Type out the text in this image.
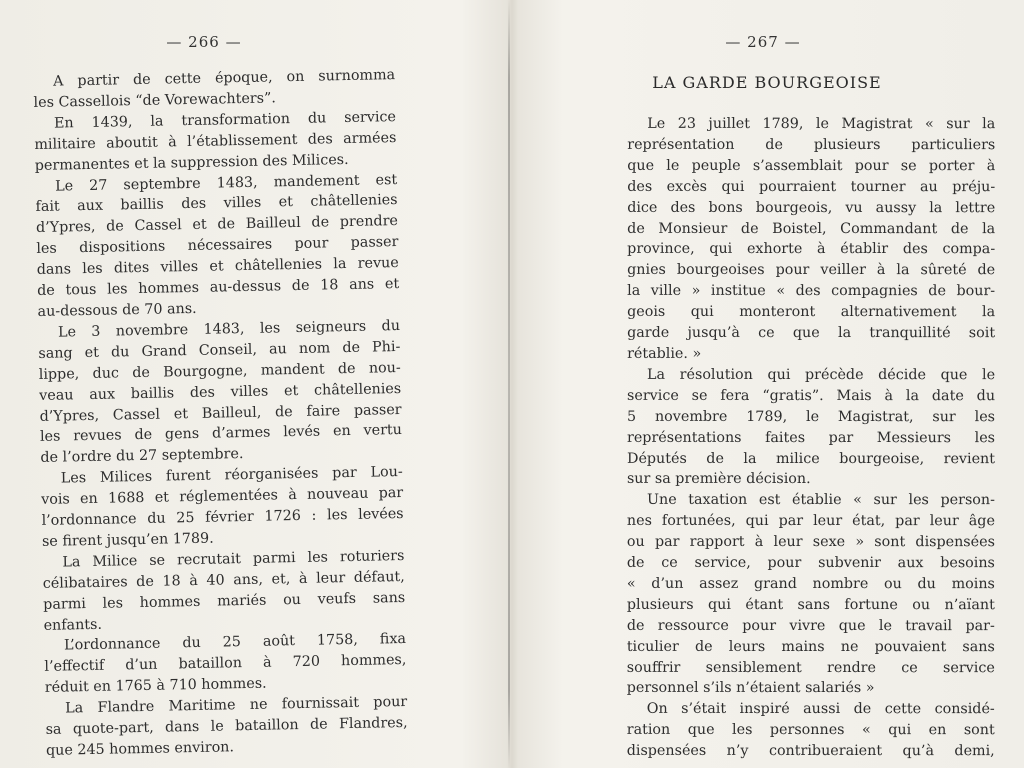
— 266 —
A partir de cette époque, on surnomma
les Cassellois “de Vorewachters”.
En 1439, la transformation du service
militaire aboutit à l’établissement des armées
permanentes et la suppression des Milices.
Le 27 septembre 1483, mandement est
fait aux baillis des villes et châtellenies
d’Ypres, de Cassel et de Bailleul de prendre
les dispositions nécessaires pour passer
dans les dites villes et châtellenies la revue
de tous les hommes au-dessus de 18 ans et
au-dessous de 70 ans.
Le 3 novembre 1483, les seigneurs du
sang et du Grand Conseil, au nom de Phi-
lippe, duc de Bourgogne, mandent de nou-
veau aux baillis des villes et châtellenies
d’Ypres, Cassel et Bailleul, de faire passer
les revues de gens d’armes levés en vertu
de l’ordre du 27 septembre.
Les Milices furent réorganisées par Lou-
vois en 1688 et réglementées à nouveau par
l’ordonnance du 25 février 1726 : les levées
se firent jusqu’en 1789.
La Milice se recrutait parmi les roturiers
célibataires de 18 à 40 ans, et, à leur défaut,
parmi les hommes mariés ou veufs sans
enfants.
L’ordonnance du 25 août 1758, fixa
l’effectif d’un bataillon à 720 hommes,
réduit en 1765 à 710 hommes.
La Flandre Maritime ne fournissait pour
sa quote-part, dans le bataillon de Flandres,
que 245 hommes environ.
— 267 —
LA GARDE BOURGEOISE
Le 23 juillet 1789, le Magistrat « sur la
représentation de plusieurs particuliers
que le peuple s’assemblait pour se porter à
des excès qui pourraient tourner au préju-
dice des bons bourgeois, vu aussy la lettre
de Monsieur de Boistel, Commandant de la
province, qui exhorte à établir des compa-
gnies bourgeoises pour veiller à la sûreté de
la ville » institue « des compagnies de bour-
geois qui monteront alternativement la
garde jusqu’à ce que la tranquillité soit
rétablie. »
La résolution qui précède décide que le
service se fera “gratis”. Mais à la date du
5 novembre 1789, le Magistrat, sur les
représentations faites par Messieurs les
Députés de la milice bourgeoise, revient
sur sa première décision.
Une taxation est établie « sur les person-
nes fortunées, qui par leur état, par leur âge
ou par rapport à leur sexe » sont dispensées
de ce service, pour subvenir aux besoins
« d’un assez grand nombre ou du moins
plusieurs qui étant sans fortune ou n’aïant
de ressource pour vivre que le travail par-
ticulier de leurs mains ne pouvaient sans
souffrir sensiblement rendre ce service
personnel s’ils n’étaient salariés »
On s’était inspiré aussi de cette considé-
ration que les personnes « qui en sont
dispensées n’y contribueraient qu’à demi,
